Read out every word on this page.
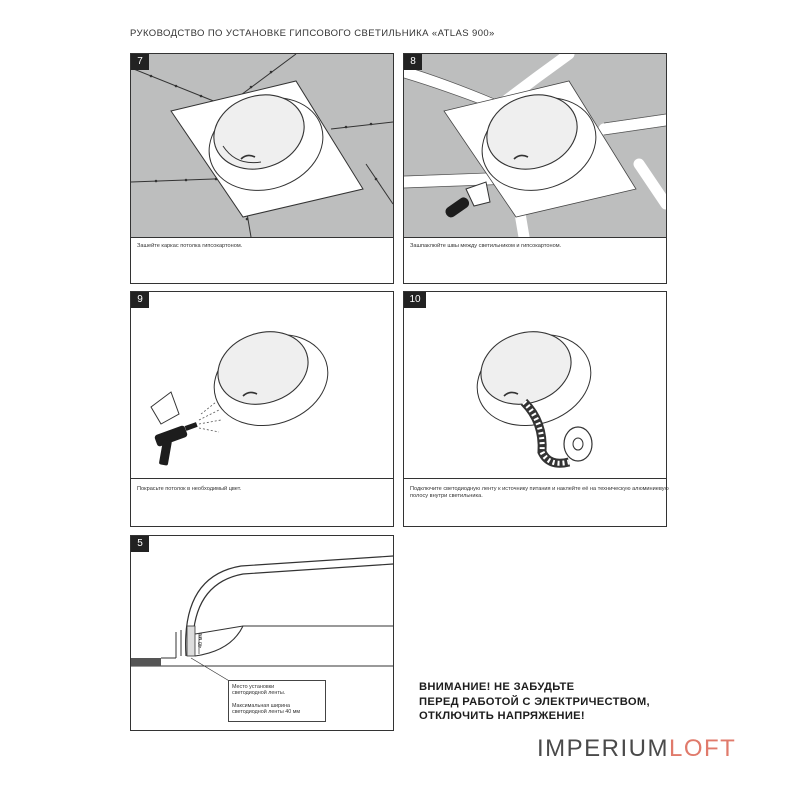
РУКОВОДСТВО ПО УСТАНОВКЕ ГИПСОВОГО СВЕТИЛЬНИКА «ATLAS 900»
7
Зашейте каркас потолка гипсокартоном.
8
Зашпаклюйте швы между светильником и гипсокартоном.
9
Покрасьте потолок в необходимый цвет.
10
Подключите светодиодную ленту к источнику питания и наклейте её на техническую алюминиевую полосу внутри светильника.
5
40 мм
Место установки
светодиодной ленты.
Максимальная ширина
светодиодной ленты 40 мм
ВНИМАНИЕ! НЕ ЗАБУДЬТЕ
ПЕРЕД РАБОТОЙ С ЭЛЕКТРИЧЕСТВОМ,
ОТКЛЮЧИТЬ НАПРЯЖЕНИЕ!
IMPERIUMLOFT
